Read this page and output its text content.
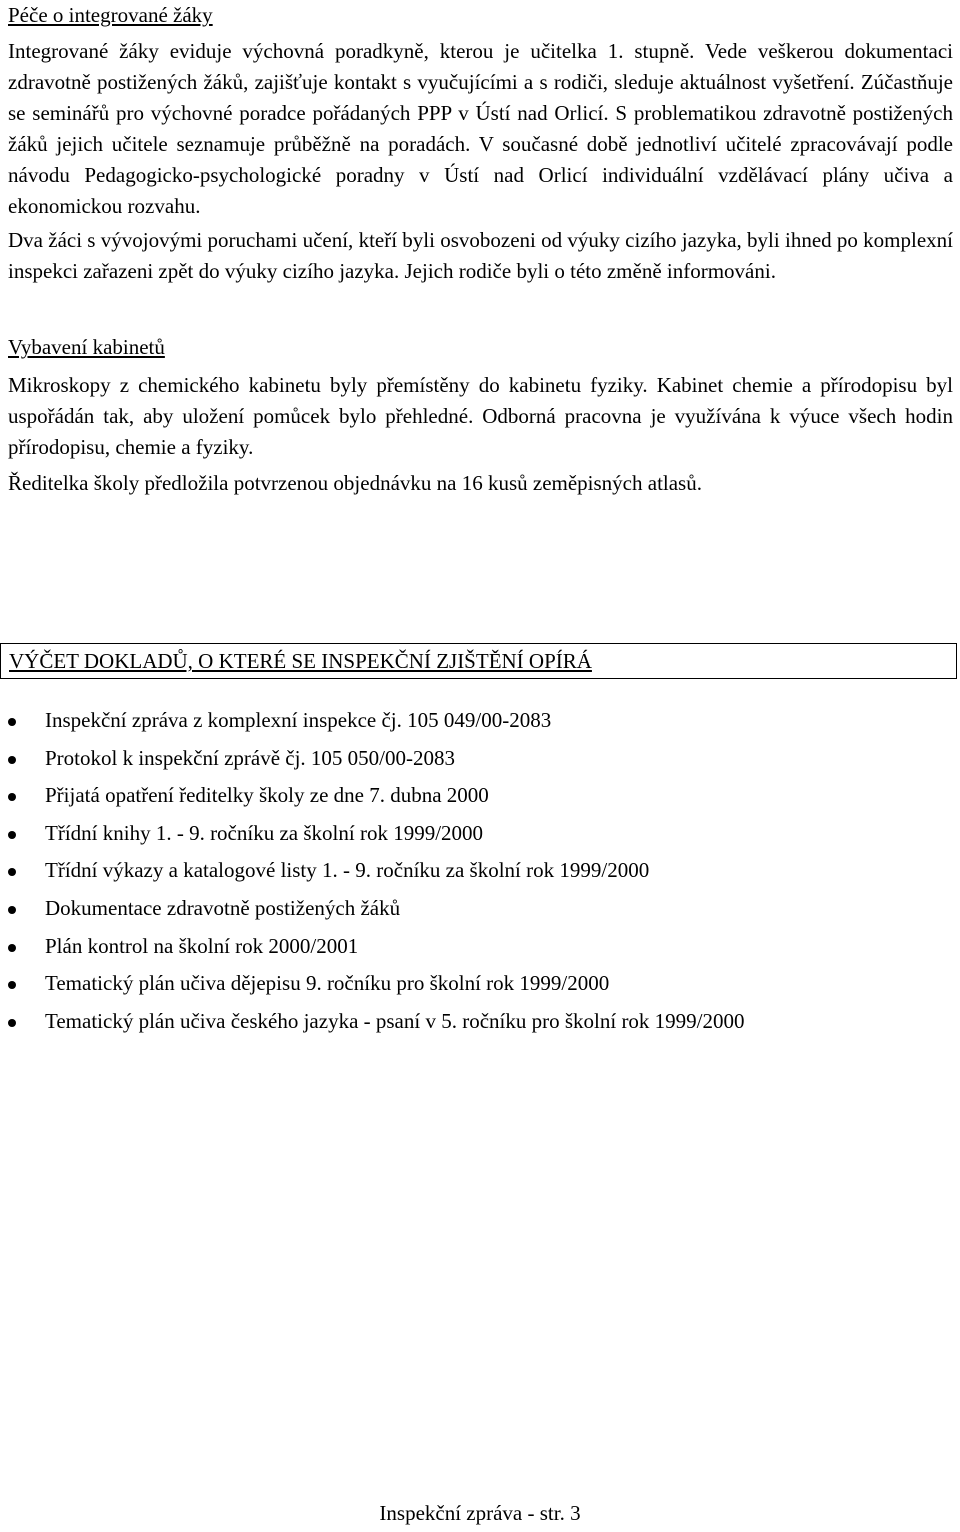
Péče o integrované žáky

Integrované žáky eviduje výchovná poradkyně, kterou je učitelka 1. stupně. Vede veškerou dokumentaci zdravotně postižených žáků, zajišťuje kontakt s vyučujícími a s rodiči, sleduje aktuálnost vyšetření. Zúčastňuje se seminářů pro výchovné poradce pořádaných PPP v Ústí nad Orlicí. S problematikou zdravotně postižených žáků jejich učitele seznamuje průběžně na poradách. V současné době jednotliví učitelé zpracovávají podle návodu Pedagogicko-psychologické poradny v Ústí nad Orlicí individuální vzdělávací plány učiva a ekonomickou rozvahu.

Dva žáci s vývojovými poruchami učení, kteří byli osvobozeni od výuky cizího jazyka, byli ihned po komplexní inspekci zařazeni zpět do výuky cizího jazyka. Jejich rodiče byli o této změně informováni.

Vybavení kabinetů

Mikroskopy z chemického kabinetu byly přemístěny do kabinetu fyziky. Kabinet chemie a přírodopisu byl uspořádán tak, aby uložení pomůcek bylo přehledné. Odborná pracovna je využívána k výuce všech hodin přírodopisu, chemie a fyziky.

Ředitelka školy předložila potvrzenou objednávku na 16 kusů zeměpisných atlasů.

VÝČET DOKLADŮ, O KTERÉ SE INSPEKČNÍ ZJIŠTĚNÍ OPÍRÁ
Inspekční zpráva z komplexní inspekce čj. 105 049/00-2083
Protokol k inspekční zprávě čj. 105 050/00-2083
Přijatá opatření ředitelky školy ze dne 7. dubna 2000
Třídní knihy 1. - 9. ročníku za školní rok 1999/2000
Třídní výkazy a katalogové listy 1. - 9. ročníku za školní rok 1999/2000
Dokumentace zdravotně postižených žáků
Plán kontrol na školní rok 2000/2001
Tematický plán učiva dějepisu 9. ročníku pro školní rok 1999/2000
Tematický plán učiva českého jazyka - psaní v 5. ročníku pro školní rok 1999/2000
Inspekční zpráva - str. 3
